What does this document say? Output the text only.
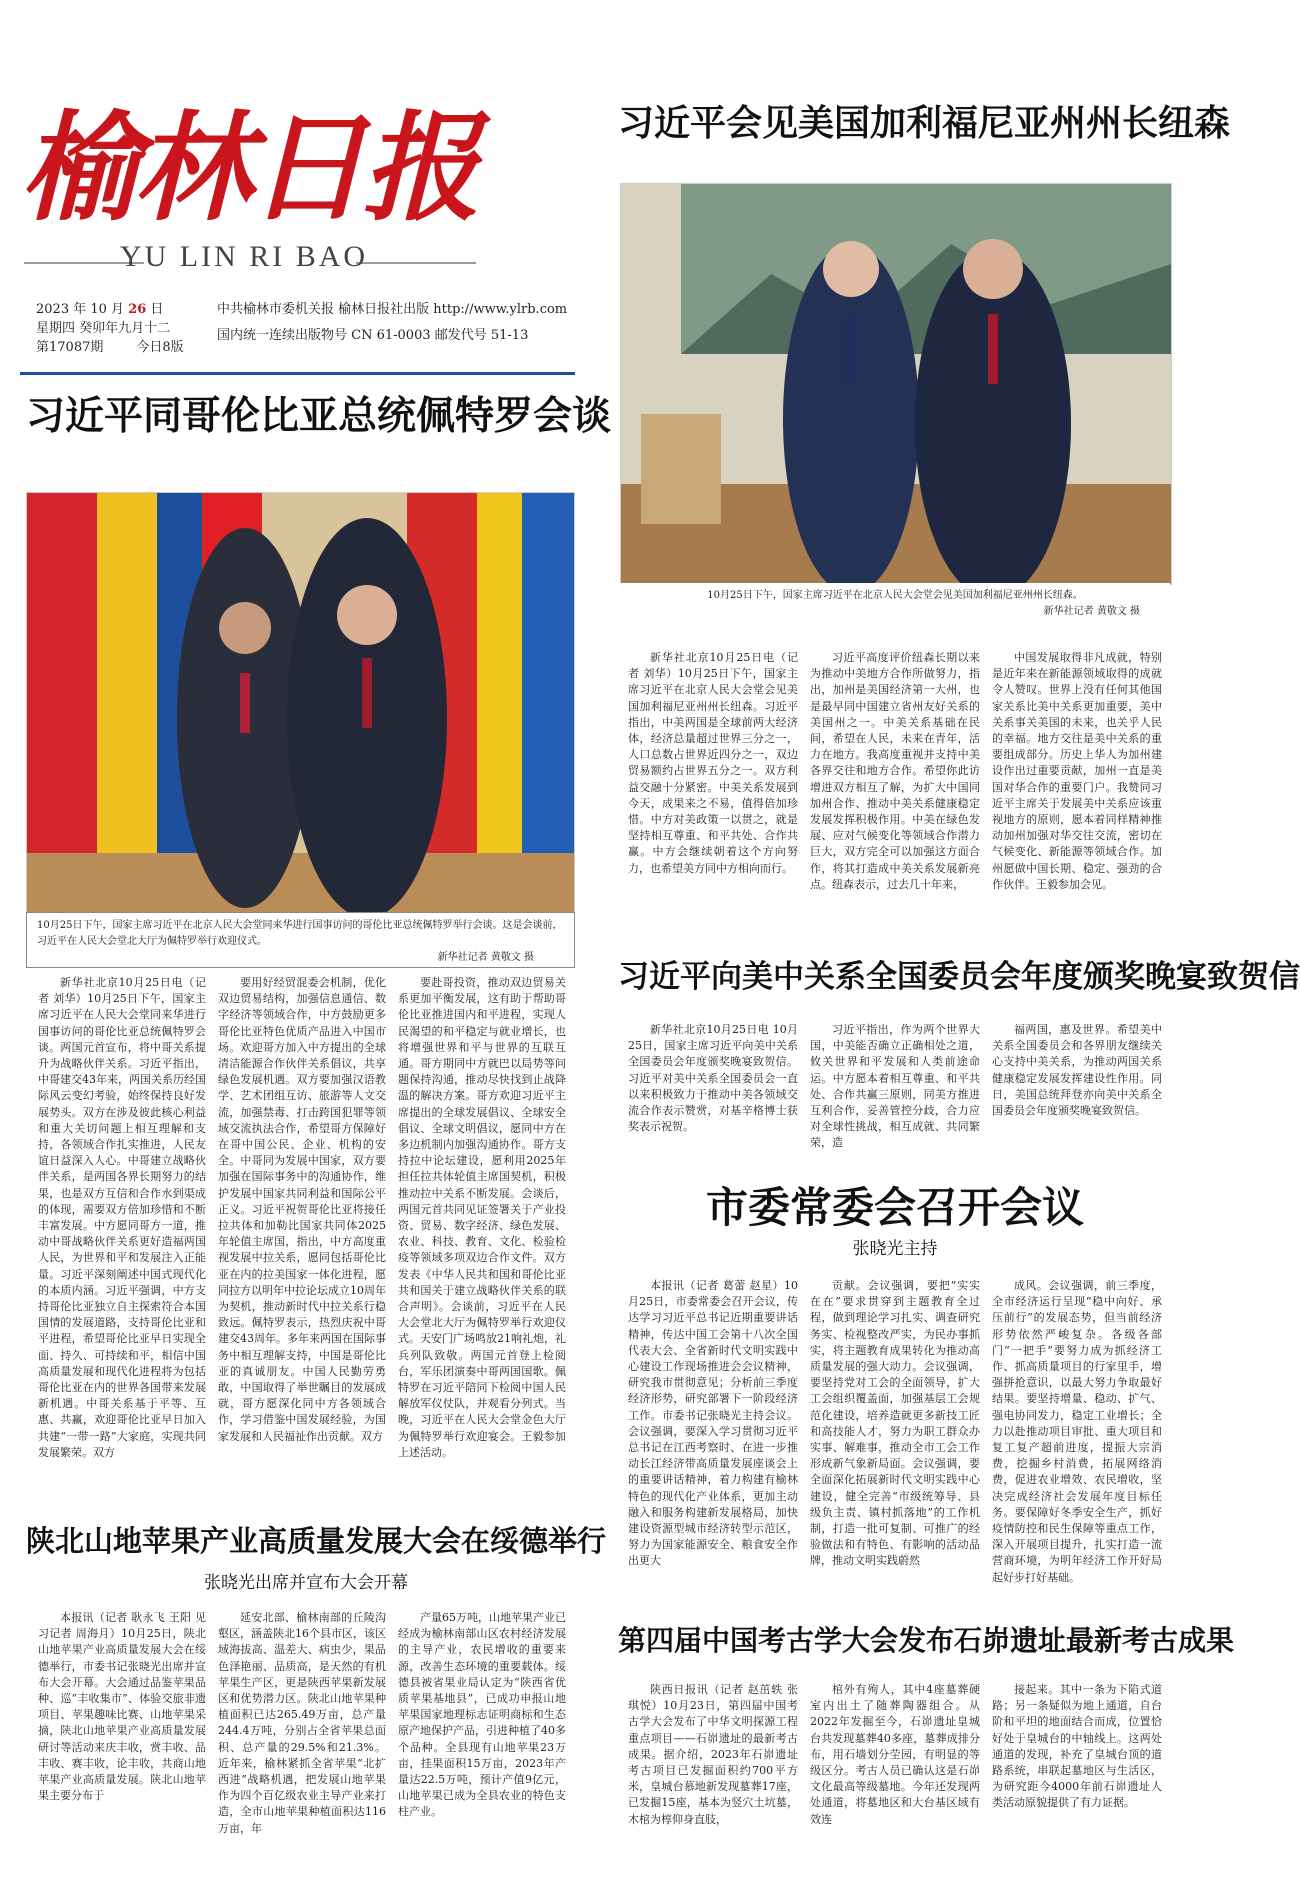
榆林日报
YU LIN RI BAO
2023 年 10 月 26 日
星期四 癸卯年九月十二
第17087期        今日8版
中共榆林市委机关报 榆林日报社出版 http://www.ylrb.com
国内统一连续出版物号 CN 61-0003 邮发代号 51-13
习近平同哥伦比亚总统佩特罗会谈
10月25日下午，国家主席习近平在北京人民大会堂同来华进行国事访问的哥伦比亚总统佩特罗举行会谈。这是会谈前，习近平在人民大会堂北大厅为佩特罗举行欢迎仪式。
新华社记者 黄敬文 摄

新华社北京10月25日电（记者 刘华）10月25日下午，国家主席习近平在人民大会堂同来华进行国事访问的哥伦比亚总统佩特罗会谈。两国元首宣布，将中哥关系提升为战略伙伴关系。习近平指出，中哥建交43年来，两国关系历经国际风云变幻考验，始终保持良好发展势头。双方在涉及彼此核心利益和重大关切问题上相互理解和支持，各领域合作扎实推进，人民友谊日益深入人心。中哥建立战略伙伴关系，是两国各界长期努力的结果，也是双方互信和合作水到渠成的体现，需要双方倍加珍惜和不断丰富发展。中方愿同哥方一道，推动中哥战略伙伴关系更好造福两国人民，为世界和平和发展注入正能量。习近平深刻阐述中国式现代化的本质内涵。习近平强调，中方支持哥伦比亚独立自主探索符合本国国情的发展道路，支持哥伦比亚和平进程，希望哥伦比亚早日实现全面、持久、可持续和平，相信中国高质量发展和现代化进程将为包括哥伦比亚在内的世界各国带来发展新机遇。中哥关系基于平等、互惠、共赢，欢迎哥伦比亚早日加入共建“一带一路”大家庭，实现共同发展繁荣。双方

要用好经贸混委会机制，优化双边贸易结构，加强信息通信、数字经济等领域合作，中方鼓励更多哥伦比亚特色优质产品进入中国市场。欢迎哥方加入中方提出的全球清洁能源合作伙伴关系倡议，共享绿色发展机遇。双方要加强汉语教学、艺术团组互访、旅游等人文交流，加强禁毒、打击跨国犯罪等领域交流执法合作，希望哥方保障好在哥中国公民、企业、机构的安全。中哥同为发展中国家，双方要加强在国际事务中的沟通协作，维护发展中国家共同利益和国际公平正义。习近平祝贺哥伦比亚将接任拉共体和加勒比国家共同体2025年轮值主席国，指出，中方高度重视发展中拉关系，愿同包括哥伦比亚在内的拉美国家一体化进程，愿同拉方以明年中拉论坛成立10周年为契机，推动新时代中拉关系行稳致远。佩特罗表示，热烈庆祝中哥建交43周年。多年来两国在国际事务中相互理解支持，中国是哥伦比亚的真诚朋友。中国人民勤劳勇敢，中国取得了举世瞩目的发展成就，哥方愿深化同中方各领域合作，学习借鉴中国发展经验，为国家发展和人民福祉作出贡献。双方

要赴哥投资，推动双边贸易关系更加平衡发展，这有助于帮助哥伦比亚推进国内和平进程，实现人民渴望的和平稳定与就业增长，也将增强世界和平与世界的互联互通。哥方期同中方就巴以局势等问题保持沟通，推动尽快找到止战降温的解决方案。哥方欢迎习近平主席提出的全球发展倡议、全球安全倡议、全球文明倡议，愿同中方在多边机制内加强沟通协作。哥方支持拉中论坛建设，愿利用2025年担任拉共体轮值主席国契机，积极推动拉中关系不断发展。会谈后，两国元首共同见证签署关于产业投资、贸易、数字经济、绿色发展、农业、科技、教育、文化、检验检疫等领域多项双边合作文件。双方发表《中华人民共和国和哥伦比亚共和国关于建立战略伙伴关系的联合声明》。会谈前，习近平在人民大会堂北大厅为佩特罗举行欢迎仪式。天安门广场鸣放21响礼炮，礼兵列队致敬。两国元首登上检阅台，军乐团演奏中哥两国国歌。佩特罗在习近平陪同下检阅中国人民解放军仪仗队，并观看分列式。当晚，习近平在人民大会堂金色大厅为佩特罗举行欢迎宴会。王毅参加上述活动。

习近平会见美国加利福尼亚州州长纽森
10月25日下午，国家主席习近平在北京人民大会堂会见美国加利福尼亚州州长纽森。
新华社记者 黄敬文 摄

新华社北京10月25日电（记者 刘华）10月25日下午，国家主席习近平在北京人民大会堂会见美国加利福尼亚州州长纽森。习近平指出，中美两国是全球前两大经济体，经济总量超过世界三分之一，人口总数占世界近四分之一，双边贸易额约占世界五分之一。双方利益交融十分紧密。中美关系发展到今天，成果来之不易，值得倍加珍惜。中方对美政策一以贯之，就是坚持相互尊重、和平共处、合作共赢。中方会继续朝着这个方向努力，也希望美方同中方相向而行。

习近平高度评价纽森长期以来为推动中美地方合作所做努力，指出，加州是美国经济第一大州，也是最早同中国建立省州友好关系的美国州之一。中美关系基础在民间，希望在人民，未来在青年，活力在地方。我高度重视并支持中美各界交往和地方合作。希望你此访增进双方相互了解，为扩大中国同加州合作、推动中美关系健康稳定发展发挥积极作用。中美在绿色发展、应对气候变化等领域合作潜力巨大，双方完全可以加强这方面合作，将其打造成中美关系发展新亮点。纽森表示，过去几十年来，

中国发展取得非凡成就，特别是近年来在新能源领域取得的成就令人赞叹。世界上没有任何其他国家关系比美中关系更加重要，美中关系事关美国的未来，也关乎人民的幸福。地方交往是美中关系的重要组成部分。历史上华人为加州建设作出过重要贡献，加州一直是美国对华合作的重要门户。我赞同习近平主席关于发展美中关系应该重视地方的原则，愿本着同样精神推动加州加强对华交往交流，密切在气候变化、新能源等领域合作。加州愿做中国长期、稳定、强劲的合作伙伴。王毅参加会见。

习近平向美中关系全国委员会年度颁奖晚宴致贺信

新华社北京10月25日电 10月25日，国家主席习近平向美中关系全国委员会年度颁奖晚宴致贺信。习近平对美中关系全国委员会一直以来积极致力于推动中美各领域交流合作表示赞赏，对基辛格博士获奖表示祝贺。

习近平指出，作为两个世界大国，中美能否确立正确相处之道，攸关世界和平发展和人类前途命运。中方愿本着相互尊重、和平共处、合作共赢三原则，同美方推进互利合作，妥善管控分歧，合力应对全球性挑战，相互成就、共同繁荣，造

福两国，惠及世界。希望美中关系全国委员会和各界朋友继续关心支持中美关系，为推动两国关系健康稳定发展发挥建设性作用。同日，美国总统拜登亦向美中关系全国委员会年度颁奖晚宴致贺信。

市委常委会召开会议
张晓光主持

本报讯（记者 葛蕾 赵星）10月25日，市委常委会召开会议，传达学习习近平总书记近期重要讲话精神，传达中国工会第十八次全国代表大会、全省新时代文明实践中心建设工作现场推进会会议精神，研究我市贯彻意见；分析前三季度经济形势，研究部署下一阶段经济工作。市委书记张晓光主持会议。会议强调，要深入学习贯彻习近平总书记在江西考察时、在进一步推动长江经济带高质量发展座谈会上的重要讲话精神，着力构建有榆林特色的现代化产业体系，更加主动融入和服务构建新发展格局，加快建设资源型城市经济转型示范区，努力为国家能源安全、粮食安全作出更大

贡献。会议强调，要把“实实在在”要求贯穿到主题教育全过程，做到理论学习扎实、调查研究务实、检视整改严实，为民办事抓实，将主题教育成果转化为推动高质量发展的强大动力。会议强调，要坚持党对工会的全面领导，扩大工会组织覆盖面，加强基层工会规范化建设，培养造就更多新技工匠和高技能人才，努力为职工群众办实事、解难事，推动全市工会工作形成新气象新局面。会议强调，要全面深化拓展新时代文明实践中心建设，健全完善“市级统筹导、县级负主责、镇村抓落地”的工作机制，打造一批可复制、可推广的经验做法和有特色、有影响的活动品牌，推动文明实践蔚然

成风。会议强调，前三季度，全市经济运行呈现“稳中向好、承压前行”的发展态势，但当前经济形势依然严峻复杂。各级各部门“一把手”要努力成为抓经济工作、抓高质量项目的行家里手，增强拼抢意识，以最大努力争取最好结果。要坚持增量、稳动、扩气、强电协同发力，稳定工业增长；全力以赴推动项目审批、重大项目和复工复产超前进度，提振大宗消费，挖掘乡村消费，拓展网络消费，促进农业增效、农民增收，坚决完成经济社会发展年度目标任务。要保障好冬季安全生产，抓好疫情防控和民生保障等重点工作，深入开展项目提升，扎实打造一流营商环境，为明年经济工作开好局起好步打好基础。

陕北山地苹果产业高质量发展大会在绥德举行
张晓光出席并宣布大会开幕

本报讯（记者 耿永飞 王阳 见习记者 周海月）10月25日，陕北山地苹果产业高质量发展大会在绥德举行，市委书记张晓光出席并宣布大会开幕。大会通过品鉴苹果品种、巡“丰收集市”、体验交旅非遗项目、苹果趣味比赛、山地苹果采摘，陕北山地苹果产业高质量发展研讨等活动来庆丰收，赏丰收、品丰收、赛丰收，论丰收，共商山地苹果产业高质量发展。陕北山地苹果主要分布于

延安北部、榆林南部的丘陵沟壑区，涵盖陕北16个县市区，该区域海拔高、温差大、病虫少，果品色泽艳丽、品质高，是天然的有机苹果生产区，更是陕西苹果新发展区和优势潜力区。陕北山地苹果种植面积已达265.49万亩，总产量244.4万吨，分别占全省苹果总面积、总产量的29.5%和21.3%。近年来，榆林紧抓全省苹果“北扩西进”战略机遇，把发展山地苹果作为四个百亿级农业主导产业来打造，全市山地苹果种植面积达116万亩，年

产量65万吨，山地苹果产业已经成为榆林南部山区农村经济发展的主导产业，农民增收的重要来源，改善生态环境的重要载体。绥德县被省果业局认定为“陕西省优质苹果基地县”，已成功申报山地苹果国家地理标志证明商标和生态原产地保护产品，引进种植了40多个品种。全县现有山地苹果23万亩，挂果面积15万亩，2023年产量达22.5万吨，预计产值9亿元，山地苹果已成为全县农业的特色支柱产业。

第四届中国考古学大会发布石峁遗址最新考古成果

陕西日报讯（记者 赵茁轶 张琪悦）10月23日，第四届中国考古学大会发布了中华文明探源工程重点项目——石峁遗址的最新考古成果。据介绍，2023年石峁遗址考古项目已发掘面积约700平方米，皇城台慕地新发现墓葬17座，已发掘15座，基本为竖穴土坑墓，木棺为椁仰身直肢，

棺外有殉人，其中4座墓葬硬室内出土了随葬陶器组合。从2022年发掘至今，石峁遗址皇城台共发现墓葬40多座，墓葬成排分布，用石墙划分茔园，有明显的等级区分。考古人员已确认这是石峁文化最高等级墓地。今年还发现两处通道，将墓地区和大台基区域有效连

接起来。其中一条为下陷式道路；另一条疑似为地上通道，自台阶和平坦的地面结合而成，位置恰好处于皇城台的中轴线上。这两处通道的发现，补充了皇城台顶的道路系统，串联起墓地区与生活区，为研究距今4000年前石峁遗址人类活动原貌提供了有力证据。
